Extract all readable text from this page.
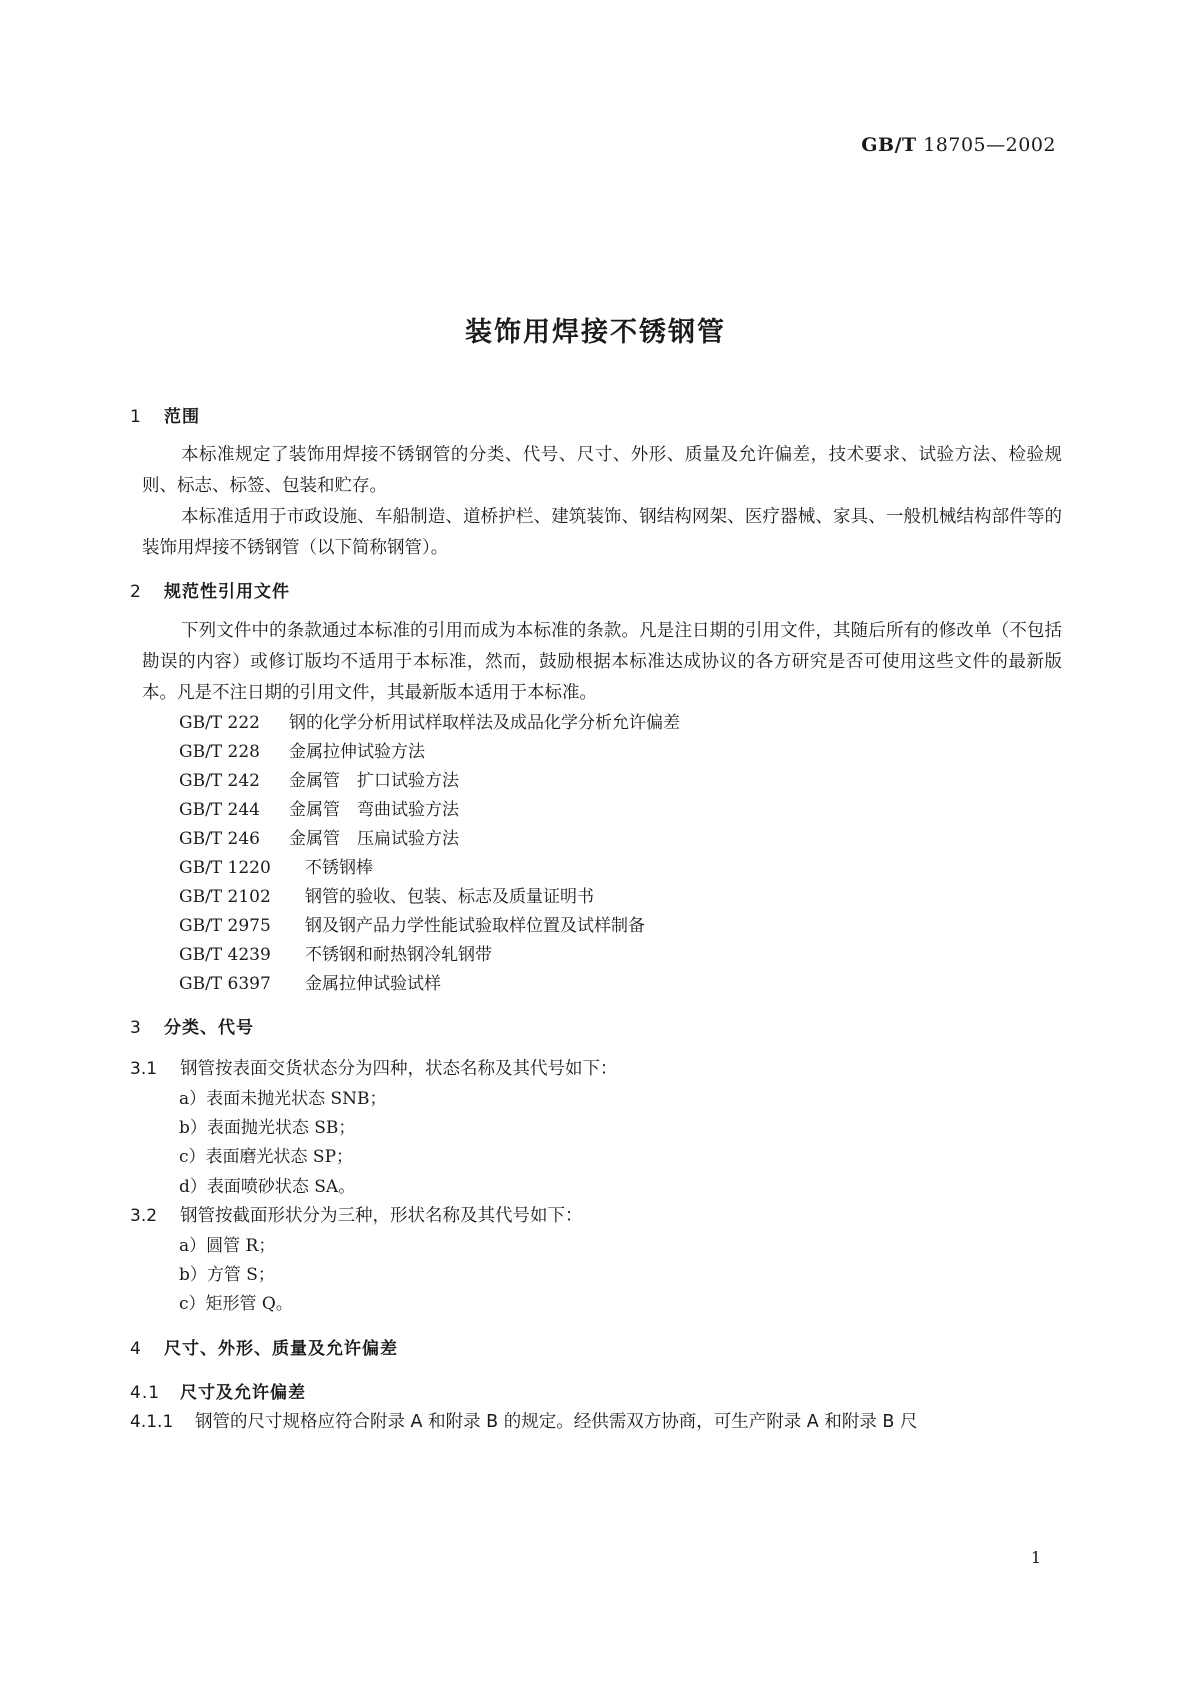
GB/T 18705—2002
装饰用焊接不锈钢管
1 范围
本标准规定了装饰用焊接不锈钢管的分类、代号、尺寸、外形、质量及允许偏差，技术要求、试验方法、检验规则、标志、标签、包装和贮存。
本标准适用于市政设施、车船制造、道桥护栏、建筑装饰、钢结构网架、医疗器械、家具、一般机械结构部件等的装饰用焊接不锈钢管（以下简称钢管）。
2 规范性引用文件
下列文件中的条款通过本标准的引用而成为本标准的条款。凡是注日期的引用文件，其随后所有的修改单（不包括勘误的内容）或修订版均不适用于本标准，然而，鼓励根据本标准达成协议的各方研究是否可使用这些文件的最新版本。凡是不注日期的引用文件，其最新版本适用于本标准。
GB/T 222 钢的化学分析用试样取样法及成品化学分析允许偏差
GB/T 228 金属拉伸试验方法
GB/T 242 金属管　扩口试验方法
GB/T 244 金属管　弯曲试验方法
GB/T 246 金属管　压扁试验方法
GB/T 1220 不锈钢棒
GB/T 2102 钢管的验收、包装、标志及质量证明书
GB/T 2975 钢及钢产品力学性能试验取样位置及试样制备
GB/T 4239 不锈钢和耐热钢冷轧钢带
GB/T 6397 金属拉伸试验试样
3 分类、代号
3.1 钢管按表面交货状态分为四种，状态名称及其代号如下：
a）表面未抛光状态 SNB；
b）表面抛光状态 SB；
c）表面磨光状态 SP；
d）表面喷砂状态 SA。
3.2 钢管按截面形状分为三种，形状名称及其代号如下：
a）圆管 R；
b）方管 S；
c）矩形管 Q。
4 尺寸、外形、质量及允许偏差
4.1 尺寸及允许偏差
4.1.1 钢管的尺寸规格应符合附录 A 和附录 B 的规定。经供需双方协商，可生产附录 A 和附录 B 尺
1
